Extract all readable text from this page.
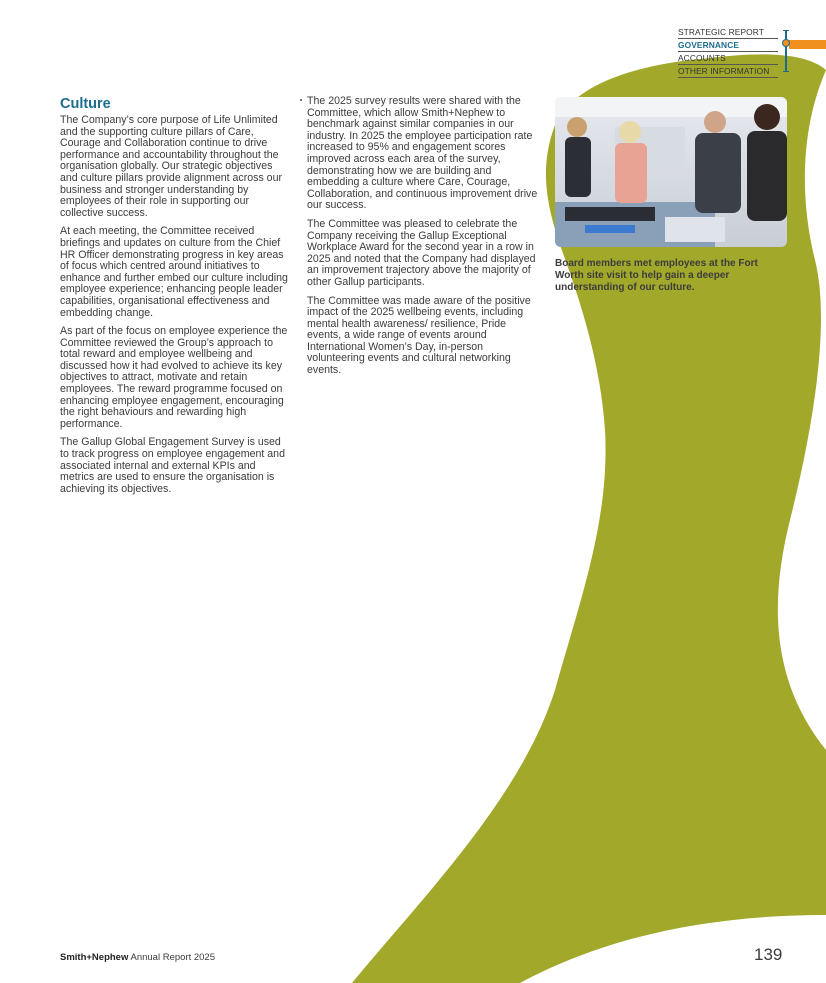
STRATEGIC REPORT
GOVERNANCE
ACCOUNTS
OTHER INFORMATION
Culture

The Company’s core purpose of Life Unlimited and the supporting culture pillars of Care, Courage and Collaboration continue to drive performance and accountability throughout the organisation globally. Our strategic objectives and culture pillars provide alignment across our business and stronger understanding by employees of their role in supporting our collective success.

At each meeting, the Committee received briefings and updates on culture from the Chief HR Officer demonstrating progress in key areas of focus which centred around initiatives to enhance and further embed our culture including employee experience; enhancing people leader capabilities, organisational effectiveness and embedding change.

As part of the focus on employee experience the Committee reviewed the Group’s approach to total reward and employee wellbeing and discussed how it had evolved to achieve its key objectives to attract, motivate and retain employees. The reward programme focused on enhancing employee engagement, encouraging the right behaviours and rewarding high performance.

The Gallup Global Engagement Survey is used to track progress on employee engagement and associated internal and external KPIs and metrics are used to ensure the organisation is achieving its objectives.

The 2025 survey results were shared with the Committee, which allow Smith+Nephew to benchmark against similar companies in our industry. In 2025 the employee participation rate increased to 95% and engagement scores improved across each area of the survey, demonstrating how we are building and embedding a culture where Care, Courage, Collaboration, and continuous improvement drive our success.

The Committee was pleased to celebrate the Company receiving the Gallup Exceptional Workplace Award for the second year in a row in 2025 and noted that the Company had displayed an improvement trajectory above the majority of other Gallup participants.

The Committee was made aware of the positive impact of the 2025 wellbeing events, including mental health awareness/ resilience, Pride events, a wide range of events around International Women’s Day, in-person volunteering events and cultural networking events.

Board members met employees at the Fort Worth site visit to help gain a deeper understanding of our culture.
Smith+Nephew Annual Report 2025	139
